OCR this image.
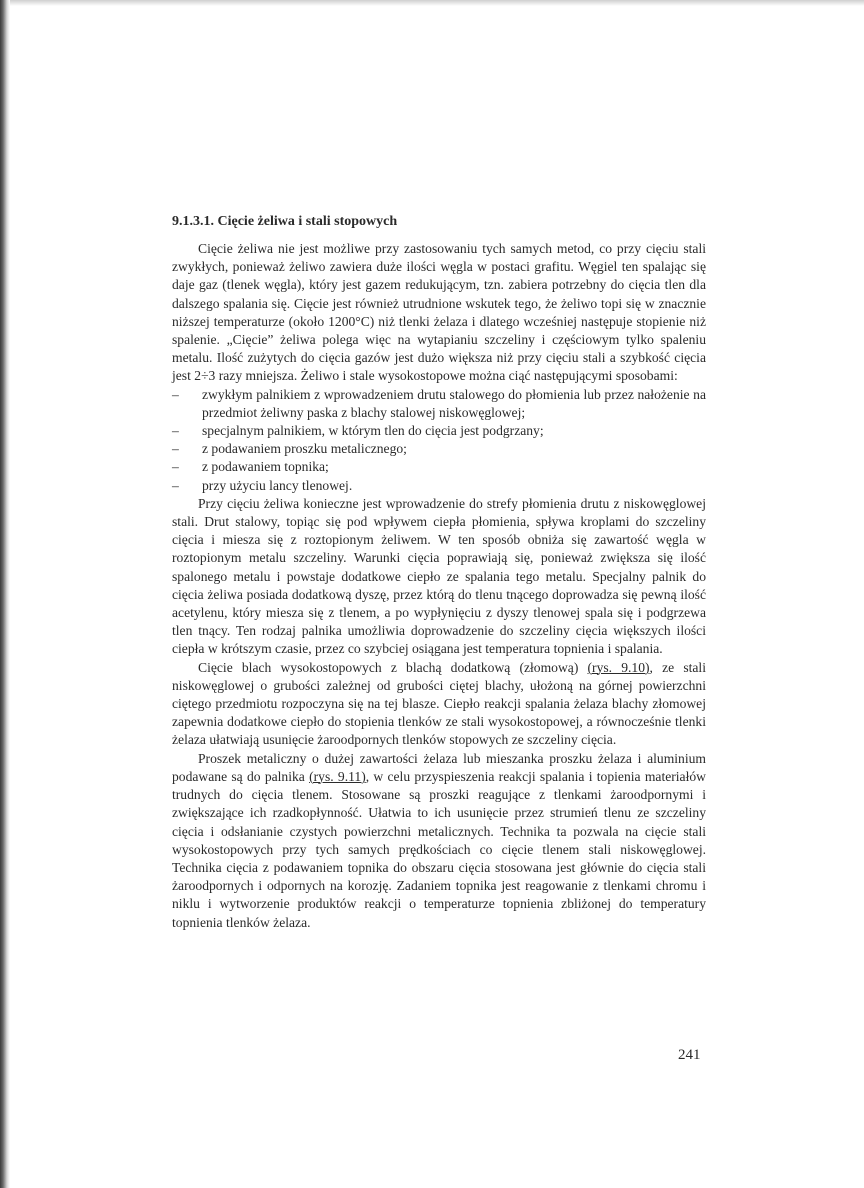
9.1.3.1. Cięcie żeliwa i stali stopowych

Cięcie żeliwa nie jest możliwe przy zastosowaniu tych samych metod, co przy cięciu stali zwykłych, ponieważ żeliwo zawiera duże ilości węgla w postaci grafitu. Węgiel ten spalając się daje gaz (tlenek węgla), który jest gazem redukującym, tzn. zabiera potrzebny do cięcia tlen dla dalszego spalania się. Cięcie jest również utrudnione wskutek tego, że żeliwo topi się w znacznie niższej temperaturze (około 1200°C) niż tlenki żelaza i dlatego wcześniej następuje stopienie niż spalenie. „Cięcie” żeliwa polega więc na wytapianiu szczeliny i częściowym tylko spaleniu metalu. Ilość zużytych do cięcia gazów jest dużo większa niż przy cięciu stali a szybkość cięcia jest 2÷3 razy mniejsza. Żeliwo i stale wysokostopowe można ciąć następującymi sposobami:

– zwykłym palnikiem z wprowadzeniem drutu stalowego do płomienia lub przez nałożenie na przedmiot żeliwny paska z blachy stalowej niskowęglowej;
– specjalnym palnikiem, w którym tlen do cięcia jest podgrzany;
– z podawaniem proszku metalicznego;
– z podawaniem topnika;
– przy użyciu lancy tlenowej.

Przy cięciu żeliwa konieczne jest wprowadzenie do strefy płomienia drutu z niskowęglowej stali. Drut stalowy, topiąc się pod wpływem ciepła płomienia, spływa kroplami do szczeliny cięcia i miesza się z roztopionym żeliwem. W ten sposób obniża się zawartość węgla w roztopionym metalu szczeliny. Warunki cięcia poprawiają się, ponieważ zwiększa się ilość spalonego metalu i powstaje dodatkowe ciepło ze spalania tego metalu. Specjalny palnik do cięcia żeliwa posiada dodatkową dyszę, przez którą do tlenu tnącego doprowadza się pewną ilość acetylenu, który miesza się z tlenem, a po wypłynięciu z dyszy tlenowej spala się i podgrzewa tlen tnący. Ten rodzaj palnika umożliwia doprowadzenie do szczeliny cięcia większych ilości ciepła w krótszym czasie, przez co szybciej osiągana jest temperatura topnienia i spalania.

Cięcie blach wysokostopowych z blachą dodatkową (złomową) (rys. 9.10), ze stali niskowęglowej o grubości zależnej od grubości ciętej blachy, ułożoną na górnej powierzchni ciętego przedmiotu rozpoczyna się na tej blasze. Ciepło reakcji spalania żelaza blachy złomowej zapewnia dodatkowe ciepło do stopienia tlenków ze stali wysokostopowej, a równocześnie tlenki żelaza ułatwiają usunięcie żaroodpornych tlenków stopowych ze szczeliny cięcia.

Proszek metaliczny o dużej zawartości żelaza lub mieszanka proszku żelaza i aluminium podawane są do palnika (rys. 9.11), w celu przyspieszenia reakcji spalania i topienia materiałów trudnych do cięcia tlenem. Stosowane są proszki reagujące z tlenkami żaroodpornymi i zwiększające ich rzadkopłynność. Ułatwia to ich usunięcie przez strumień tlenu ze szczeliny cięcia i odsłanianie czystych powierzchni metalicznych. Technika ta pozwala na cięcie stali wysokostopowych przy tych samych prędkościach co cięcie tlenem stali niskowęglowej. Technika cięcia z podawaniem topnika do obszaru cięcia stosowana jest głównie do cięcia stali żaroodpornych i odpornych na korozję. Zadaniem topnika jest reagowanie z tlenkami chromu i niklu i wytworzenie produktów reakcji o temperaturze topnienia zbliżonej do temperatury topnienia tlenków żelaza.

241
